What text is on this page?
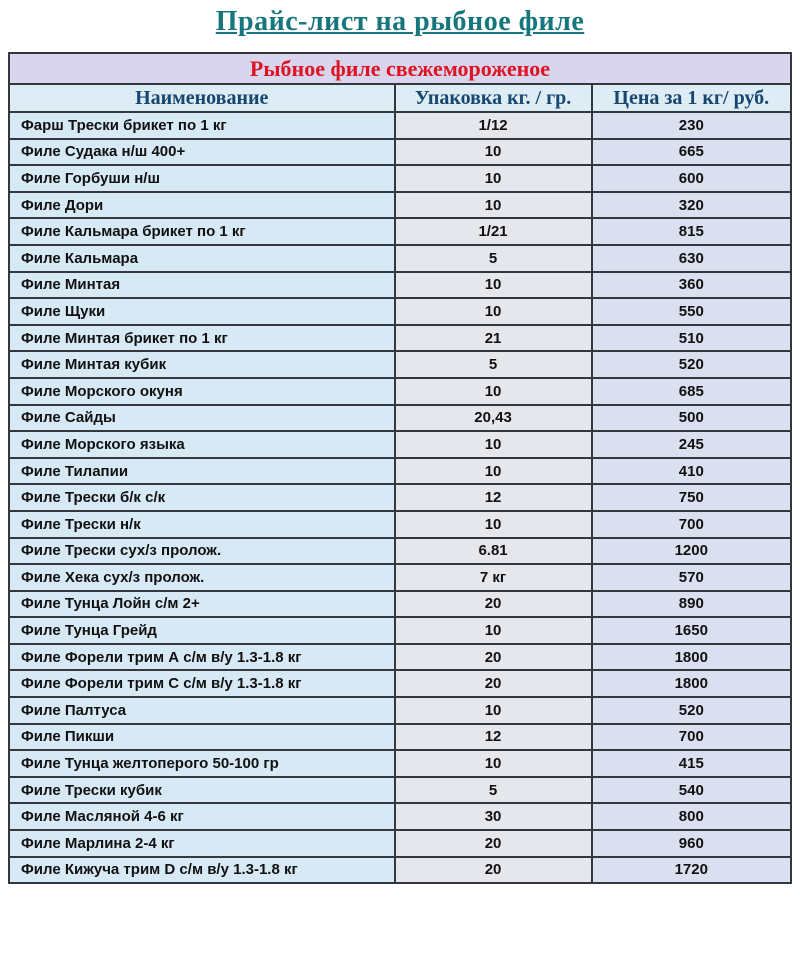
Прайс-лист на рыбное филе
Рыбное филе свежемороженое		
Наименование	Упаковка кг. / гр.	Цена за 1 кг/ руб.
Фарш Трески брикет по 1 кг	1/12	230
Филе Судака н/ш 400+	10	665
Филе Горбуши н/ш	10	600
Филе Дори	10	320
Филе Кальмара брикет по 1 кг	1/21	815
Филе Кальмара	5	630
Филе Минтая	10	360
Филе Щуки	10	550
Филе Минтая брикет по 1 кг	21	510
Филе Минтая кубик	5	520
Филе Морского окуня	10	685
Филе Сайды	20,43	500
Филе Морского языка	10	245
Филе Тилапии	10	410
Филе Трески б/к с/к	12	750
Филе Трески н/к	10	700
Филе Трески сух/з пролож.	6.81	1200
Филе Хека сух/з пролож.	7 кг	570
Филе Тунца Лойн с/м 2+	20	890
Филе Тунца Грейд	10	1650
Филе Форели трим А с/м в/у 1.3-1.8 кг	20	1800
Филе Форели трим С с/м в/у 1.3-1.8 кг	20	1800
Филе Палтуса	10	520
Филе Пикши	12	700
Филе Тунца желтоперого 50-100 гр	10	415
Филе Трески кубик	5	540
Филе Масляной 4-6 кг	30	800
Филе Марлина 2-4 кг	20	960
Филе Кижуча трим D с/м в/у 1.3-1.8 кг	20	1720
